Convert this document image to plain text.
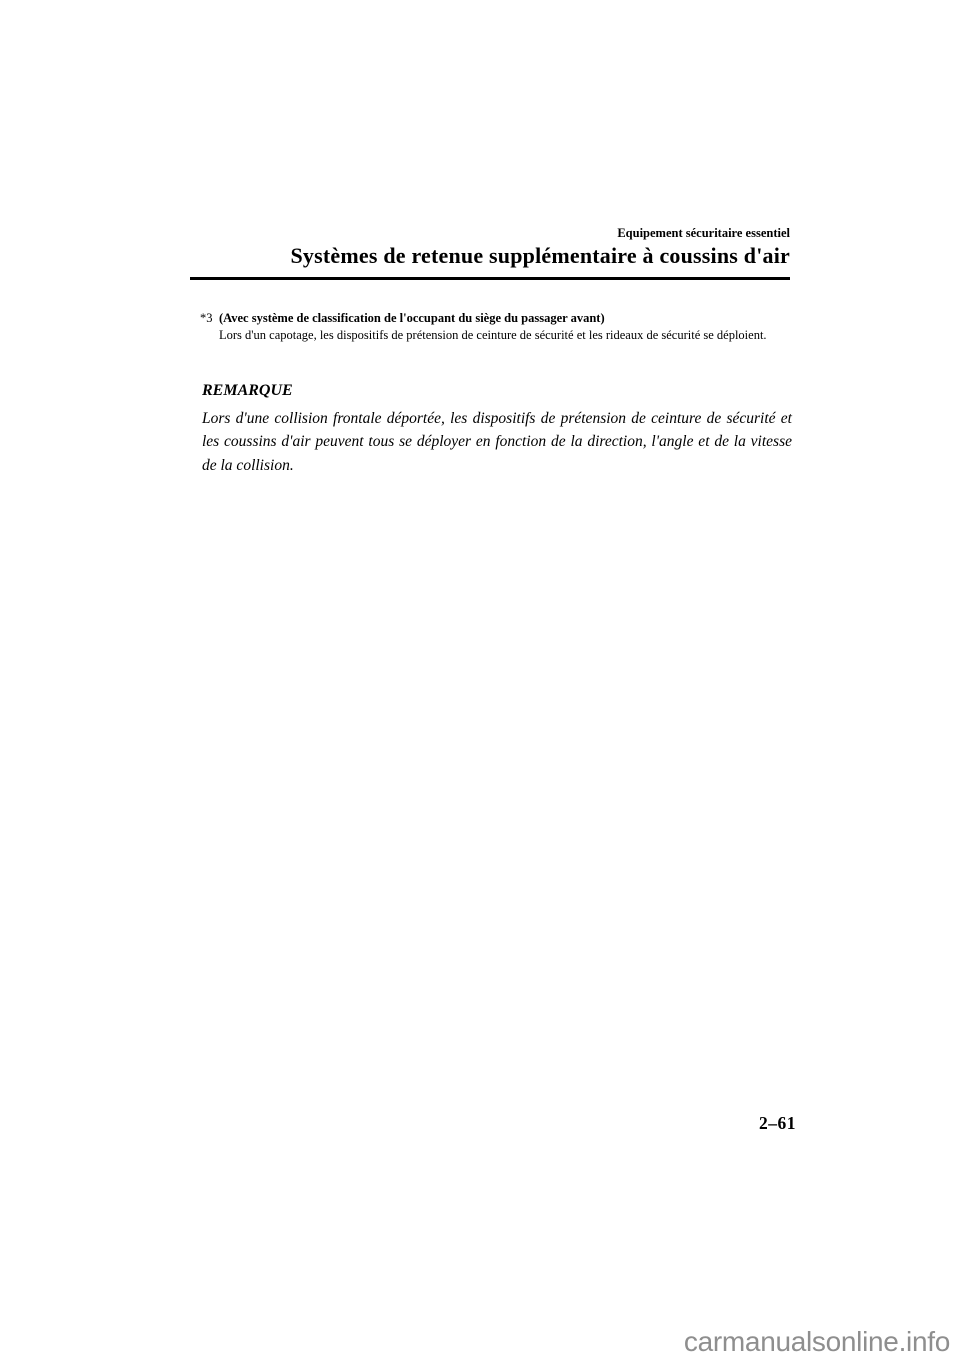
Equipement sécuritaire essentiel
Systèmes de retenue supplémentaire à coussins d'air
*3 (Avec système de classification de l'occupant du siège du passager avant)
Lors d'un capotage, les dispositifs de prétension de ceinture de sécurité et les rideaux de sécurité se déploient.
REMARQUE

Lors d'une collision frontale déportée, les dispositifs de prétension de ceinture de sécurité et les coussins d'air peuvent tous se déployer en fonction de la direction, l'angle et de la vitesse de la collision.

2–61
carmanualsonline.info
